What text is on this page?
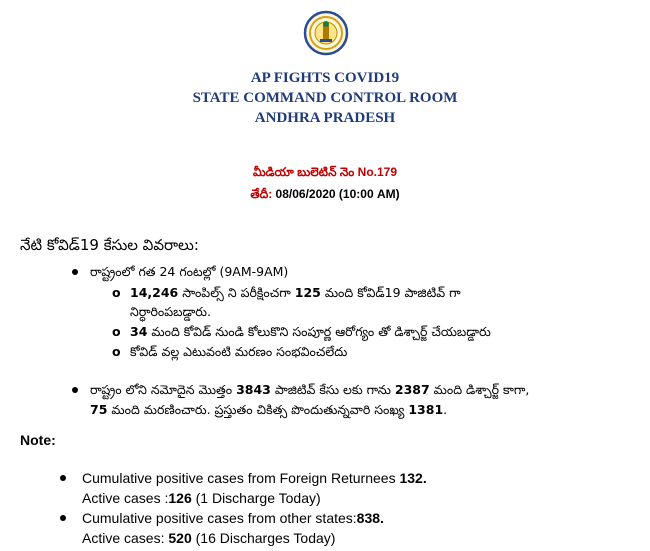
AP FIGHTS COVID19
STATE COMMAND CONTROL ROOM
ANDHRA PRADESH
మీడియా బులెటిన్ నెం No.179
తేదీ: 08/06/2020 (10:00 AM)
నేటి కోవిడ్19 కేసుల వివరాలు:
రాష్ట్రంలో గత 24 గంటల్లో (9AM-9AM)
o 14,246 సాంపిల్స్ ని పరీక్షించగా 125 మంది కోవిడ్19 పాజిటివ్ గా
నిర్ధారింపబడ్డారు.
o 34 మంది కోవిడ్ నుండి కోలుకొని సంపూర్ణ ఆరోగ్యం తో డిశ్చార్జ్ చేయబడ్డారు
o కోవిడ్ వల్ల ఎటువంటి మరణం సంభవించలేదు
రాష్ట్రం లోని నమోదైన మొత్తం 3843 పాజిటివ్ కేసు లకు గాను 2387 మంది డిశ్చార్జ్ కాగా,
75 మంది మరణించారు. ప్రస్తుతం చికిత్స పొందుతున్నవారి సంఖ్య 1381.
Note:
Cumulative positive cases from Foreign Returnees 132.
Active cases :126 (1 Discharge Today)
Cumulative positive cases from other states:838.
Active cases: 520 (16 Discharges Today)
